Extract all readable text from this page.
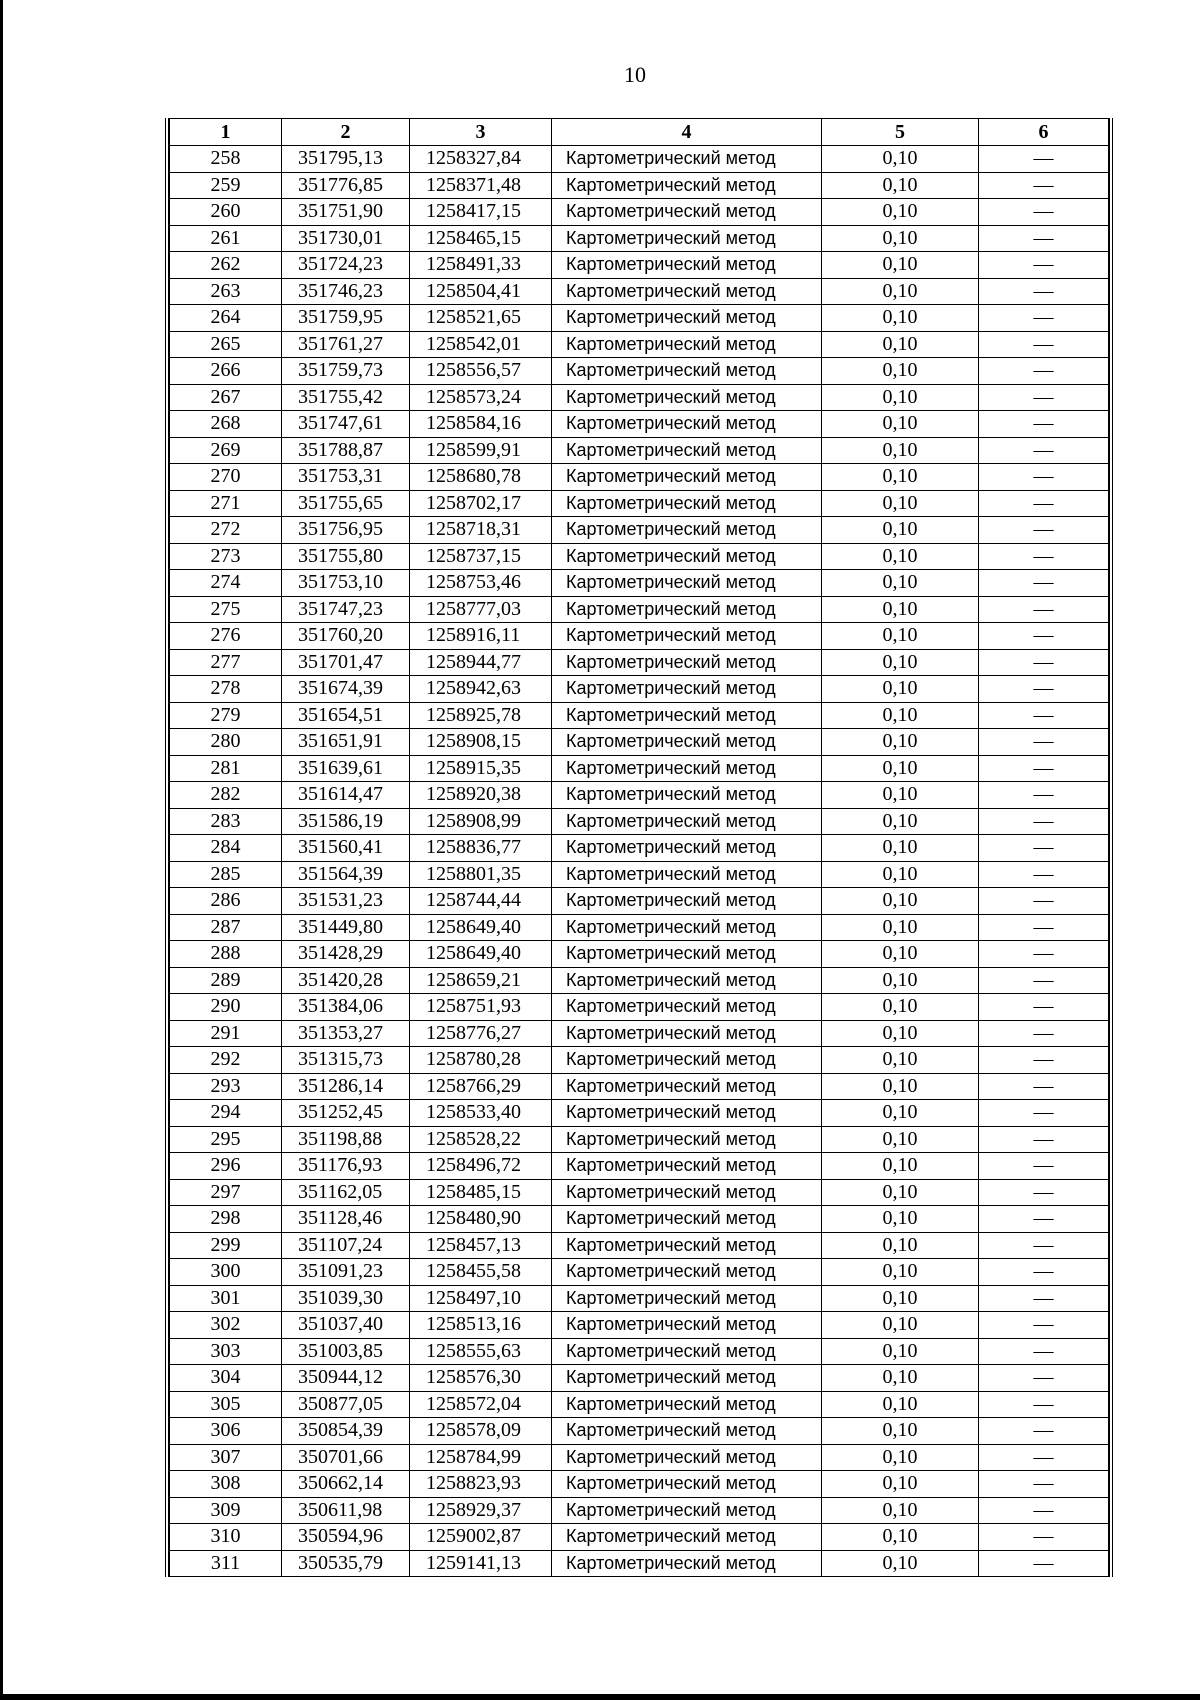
10
1	2	3	4	5	6
258	351795,13	1258327,84	Картометрический метод	0,10	—
259	351776,85	1258371,48	Картометрический метод	0,10	—
260	351751,90	1258417,15	Картометрический метод	0,10	—
261	351730,01	1258465,15	Картометрический метод	0,10	—
262	351724,23	1258491,33	Картометрический метод	0,10	—
263	351746,23	1258504,41	Картометрический метод	0,10	—
264	351759,95	1258521,65	Картометрический метод	0,10	—
265	351761,27	1258542,01	Картометрический метод	0,10	—
266	351759,73	1258556,57	Картометрический метод	0,10	—
267	351755,42	1258573,24	Картометрический метод	0,10	—
268	351747,61	1258584,16	Картометрический метод	0,10	—
269	351788,87	1258599,91	Картометрический метод	0,10	—
270	351753,31	1258680,78	Картометрический метод	0,10	—
271	351755,65	1258702,17	Картометрический метод	0,10	—
272	351756,95	1258718,31	Картометрический метод	0,10	—
273	351755,80	1258737,15	Картометрический метод	0,10	—
274	351753,10	1258753,46	Картометрический метод	0,10	—
275	351747,23	1258777,03	Картометрический метод	0,10	—
276	351760,20	1258916,11	Картометрический метод	0,10	—
277	351701,47	1258944,77	Картометрический метод	0,10	—
278	351674,39	1258942,63	Картометрический метод	0,10	—
279	351654,51	1258925,78	Картометрический метод	0,10	—
280	351651,91	1258908,15	Картометрический метод	0,10	—
281	351639,61	1258915,35	Картометрический метод	0,10	—
282	351614,47	1258920,38	Картометрический метод	0,10	—
283	351586,19	1258908,99	Картометрический метод	0,10	—
284	351560,41	1258836,77	Картометрический метод	0,10	—
285	351564,39	1258801,35	Картометрический метод	0,10	—
286	351531,23	1258744,44	Картометрический метод	0,10	—
287	351449,80	1258649,40	Картометрический метод	0,10	—
288	351428,29	1258649,40	Картометрический метод	0,10	—
289	351420,28	1258659,21	Картометрический метод	0,10	—
290	351384,06	1258751,93	Картометрический метод	0,10	—
291	351353,27	1258776,27	Картометрический метод	0,10	—
292	351315,73	1258780,28	Картометрический метод	0,10	—
293	351286,14	1258766,29	Картометрический метод	0,10	—
294	351252,45	1258533,40	Картометрический метод	0,10	—
295	351198,88	1258528,22	Картометрический метод	0,10	—
296	351176,93	1258496,72	Картометрический метод	0,10	—
297	351162,05	1258485,15	Картометрический метод	0,10	—
298	351128,46	1258480,90	Картометрический метод	0,10	—
299	351107,24	1258457,13	Картометрический метод	0,10	—
300	351091,23	1258455,58	Картометрический метод	0,10	—
301	351039,30	1258497,10	Картометрический метод	0,10	—
302	351037,40	1258513,16	Картометрический метод	0,10	—
303	351003,85	1258555,63	Картометрический метод	0,10	—
304	350944,12	1258576,30	Картометрический метод	0,10	—
305	350877,05	1258572,04	Картометрический метод	0,10	—
306	350854,39	1258578,09	Картометрический метод	0,10	—
307	350701,66	1258784,99	Картометрический метод	0,10	—
308	350662,14	1258823,93	Картометрический метод	0,10	—
309	350611,98	1258929,37	Картометрический метод	0,10	—
310	350594,96	1259002,87	Картометрический метод	0,10	—
311	350535,79	1259141,13	Картометрический метод	0,10	—
